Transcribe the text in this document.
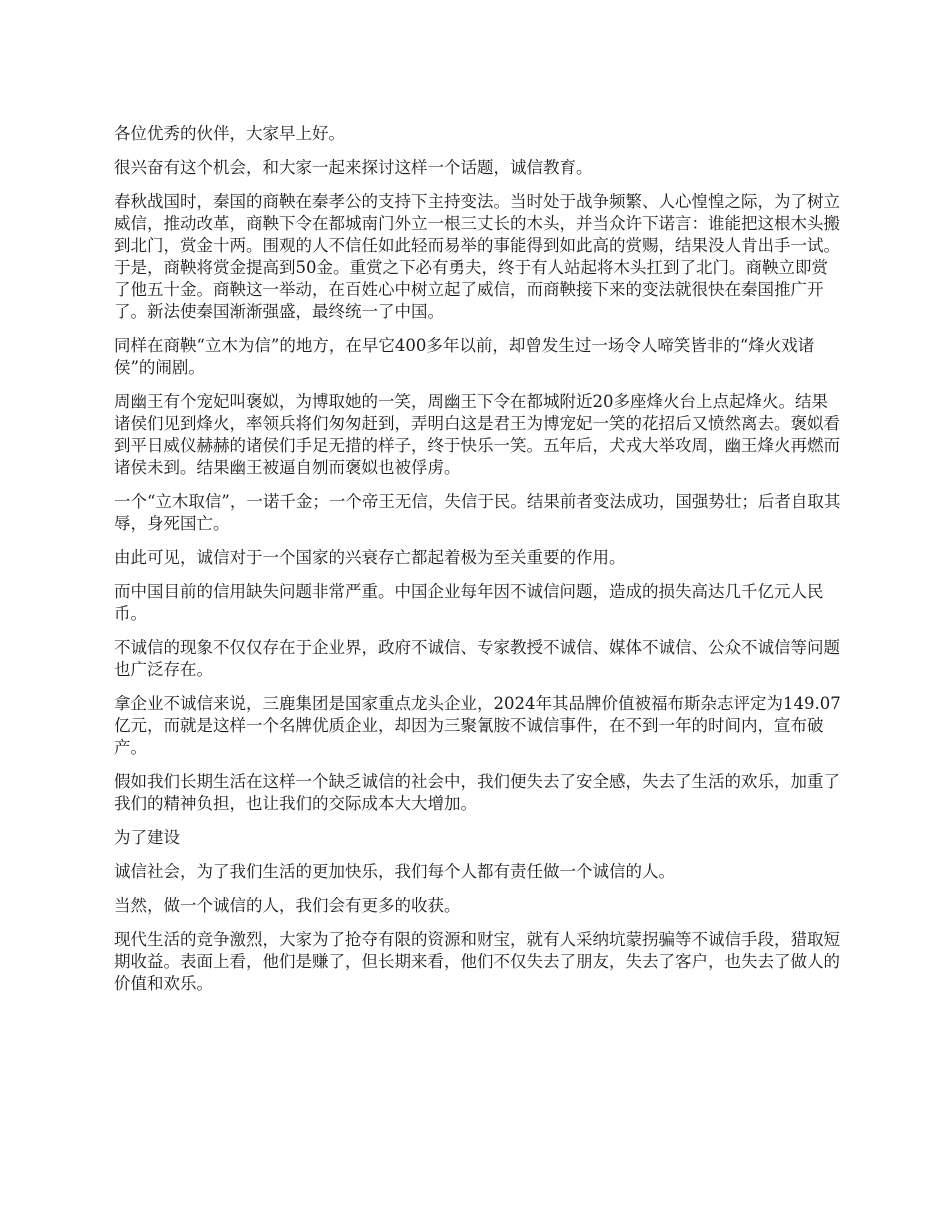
各位优秀的伙伴，大家早上好。

很兴奋有这个机会，和大家一起来探讨这样一个话题，诚信教育。

春秋战国时，秦国的商鞅在秦孝公的支持下主持变法。当时处于战争频繁、人心惶惶之际，为了树立威信，推动改革，商鞅下令在都城南门外立一根三丈长的木头，并当众许下诺言：谁能把这根木头搬到北门，赏金十两。围观的人不信任如此轻而易举的事能得到如此高的赏赐，结果没人肯出手一试。于是，商鞅将赏金提高到50金。重赏之下必有勇夫，终于有人站起将木头扛到了北门。商鞅立即赏了他五十金。商鞅这一举动，在百姓心中树立起了威信，而商鞅接下来的变法就很快在秦国推广开了。新法使秦国渐渐强盛，最终统一了中国。

同样在商鞅“立木为信”的地方，在早它400多年以前，却曾发生过一场令人啼笑皆非的“烽火戏诸侯”的闹剧。

周幽王有个宠妃叫褒姒，为博取她的一笑，周幽王下令在都城附近20多座烽火台上点起烽火。结果诸侯们见到烽火，率领兵将们匆匆赶到，弄明白这是君王为博宠妃一笑的花招后又愤然离去。褒姒看到平日威仪赫赫的诸侯们手足无措的样子，终于快乐一笑。五年后，犬戎大举攻周，幽王烽火再燃而诸侯未到。结果幽王被逼自刎而褒姒也被俘虏。

一个“立木取信”，一诺千金；一个帝王无信，失信于民。结果前者变法成功，国强势壮；后者自取其辱，身死国亡。

由此可见，诚信对于一个国家的兴衰存亡都起着极为至关重要的作用。

而中国目前的信用缺失问题非常严重。中国企业每年因不诚信问题，造成的损失高达几千亿元人民币。

不诚信的现象不仅仅存在于企业界，政府不诚信、专家教授不诚信、媒体不诚信、公众不诚信等问题也广泛存在。

拿企业不诚信来说，三鹿集团是国家重点龙头企业，2024年其品牌价值被福布斯杂志评定为149.07亿元，而就是这样一个名牌优质企业，却因为三聚氰胺不诚信事件，在不到一年的时间内，宣布破产。

假如我们长期生活在这样一个缺乏诚信的社会中，我们便失去了安全感，失去了生活的欢乐，加重了我们的精神负担，也让我们的交际成本大大增加。

为了建设

诚信社会，为了我们生活的更加快乐，我们每个人都有责任做一个诚信的人。

当然，做一个诚信的人，我们会有更多的收获。

现代生活的竞争激烈，大家为了抢夺有限的资源和财宝，就有人采纳坑蒙拐骗等不诚信手段，猎取短期收益。表面上看，他们是赚了，但长期来看，他们不仅失去了朋友，失去了客户，也失去了做人的价值和欢乐。
